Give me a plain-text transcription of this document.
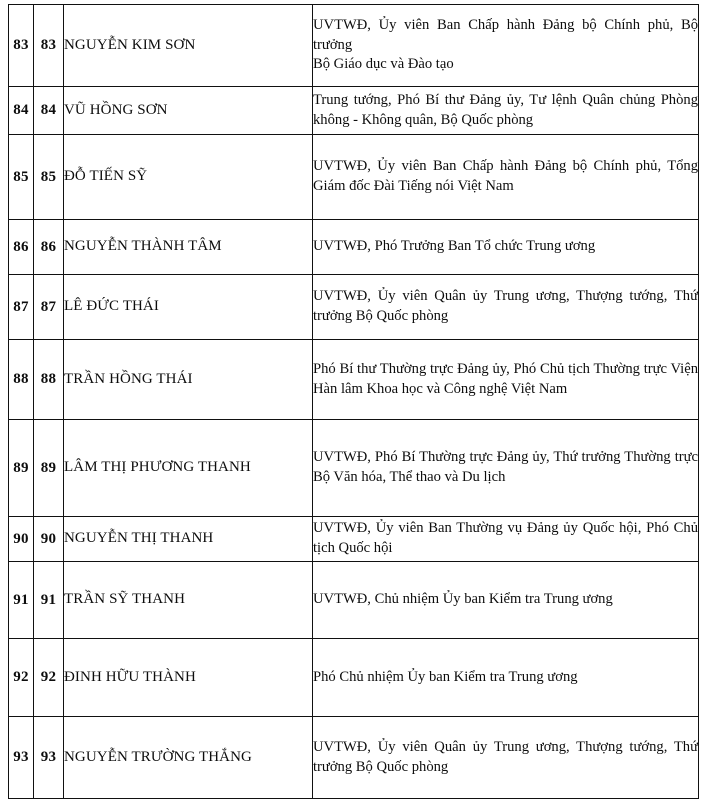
83	83	NGUYỄN KIM SƠN	UVTWĐ, Ủy viên Ban Chấp hành Đảng bộ Chính phủ, Bộ trưởng
Bộ Giáo dục và Đào tạo

84	84	VŨ HỒNG SƠN	Trung tướng, Phó Bí thư Đảng ủy, Tư lệnh Quân chủng Phòng
không - Không quân, Bộ Quốc phòng

85	85	ĐỖ TIẾN SỸ	UVTWĐ, Ủy viên Ban Chấp hành Đảng bộ Chính phủ, Tổng
Giám đốc Đài Tiếng nói Việt Nam

86	86	NGUYỄN THÀNH TÂM	UVTWĐ, Phó Trưởng Ban Tổ chức Trung ương

87	87	LÊ ĐỨC THÁI	UVTWĐ, Ủy viên Quân ủy Trung ương, Thượng tướng, Thứ
trưởng Bộ Quốc phòng

88	88	TRẦN HỒNG THÁI	Phó Bí thư Thường trực Đảng ủy, Phó Chủ tịch Thường trực Viện
Hàn lâm Khoa học và Công nghệ Việt Nam

89	89	LÂM THỊ PHƯƠNG THANH	UVTWĐ, Phó Bí Thường trực Đảng ủy, Thứ trưởng Thường trực
Bộ Văn hóa, Thể thao và Du lịch

90	90	NGUYỄN THỊ THANH	UVTWĐ, Ủy viên Ban Thường vụ Đảng ủy Quốc hội, Phó Chủ
tịch Quốc hội

91	91	TRẦN SỸ THANH	UVTWĐ, Chủ nhiệm Ủy ban Kiểm tra Trung ương

92	92	ĐINH HỮU THÀNH	Phó Chủ nhiệm Ủy ban Kiểm tra Trung ương

93	93	NGUYỄN TRƯỜNG THẮNG	UVTWĐ, Ủy viên Quân ủy Trung ương, Thượng tướng, Thứ
trưởng Bộ Quốc phòng
